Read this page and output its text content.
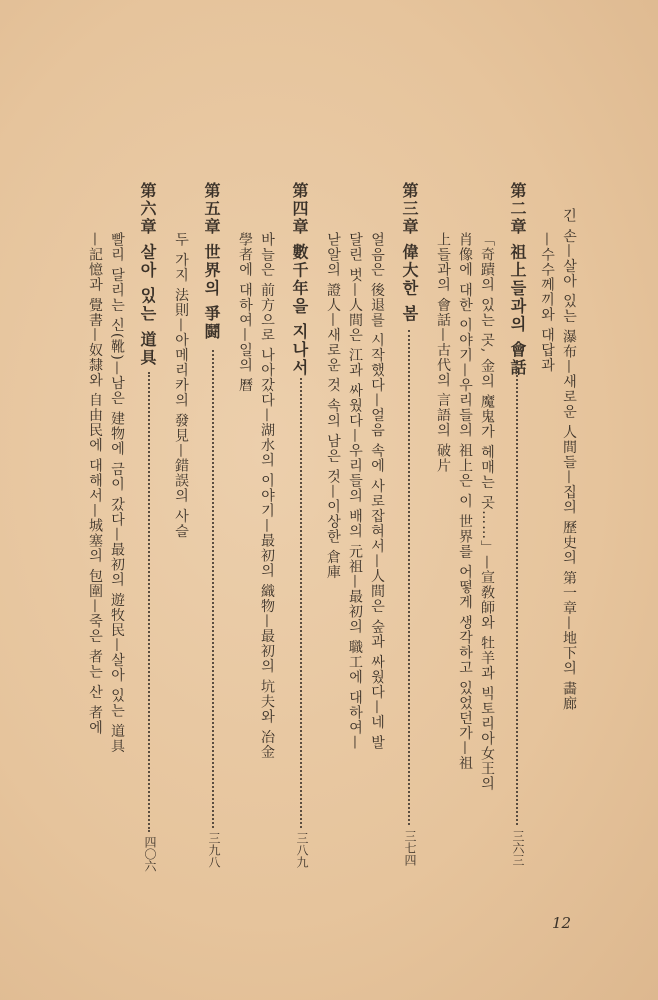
긴 손—살아 있는 瀑布—새로운 人間들—집의 歷史의 第一章—地下의 畵廊
—수수께끼와 대답과
第二章 祖上들과의 會話
三六三
「奇蹟의 있는 곳, 金의 魔鬼가 헤매는 곳……」—宣敎師와 牡羊과 빅토리아女王의
肖像에 대한 이야기—우리들의 祖上은 이 世界를 어떻게 생각하고 있었던가—祖
上들과의 會話—古代의 言語의 破片
第三章 偉大한 봄
三七四
얼음은 後退를 시작했다—얼음 속에 사로잡혀서—人間은 숲과 싸웠다—네 발
달린 벗—人間은 江과 싸웠다—우리들의 배의 元祖—最初의 職工에 대하여—
낟알의 證人—새로운 것 속의 남은 것—이상한 倉庫
第四章 數千年을 지나서
三八九
바늘은 前方으로 나아갔다—湖水의 이야기—最初의 織物—最初의 坑夫와 冶金
學者에 대하여—일의 曆
第五章 世界의 爭鬪
三九八
두 가지 法則—아메리카의 發見—錯誤의 사슬
第六章 살아 있는 道具
四〇六
빨리 달리는 신(靴)—남은 建物에 금이 갔다—最初의 遊牧民—살아 있는 道具
—記憶과 覺書—奴隸와 自由民에 대해서—城塞의 包圍—죽은 者는 산 者에
12
